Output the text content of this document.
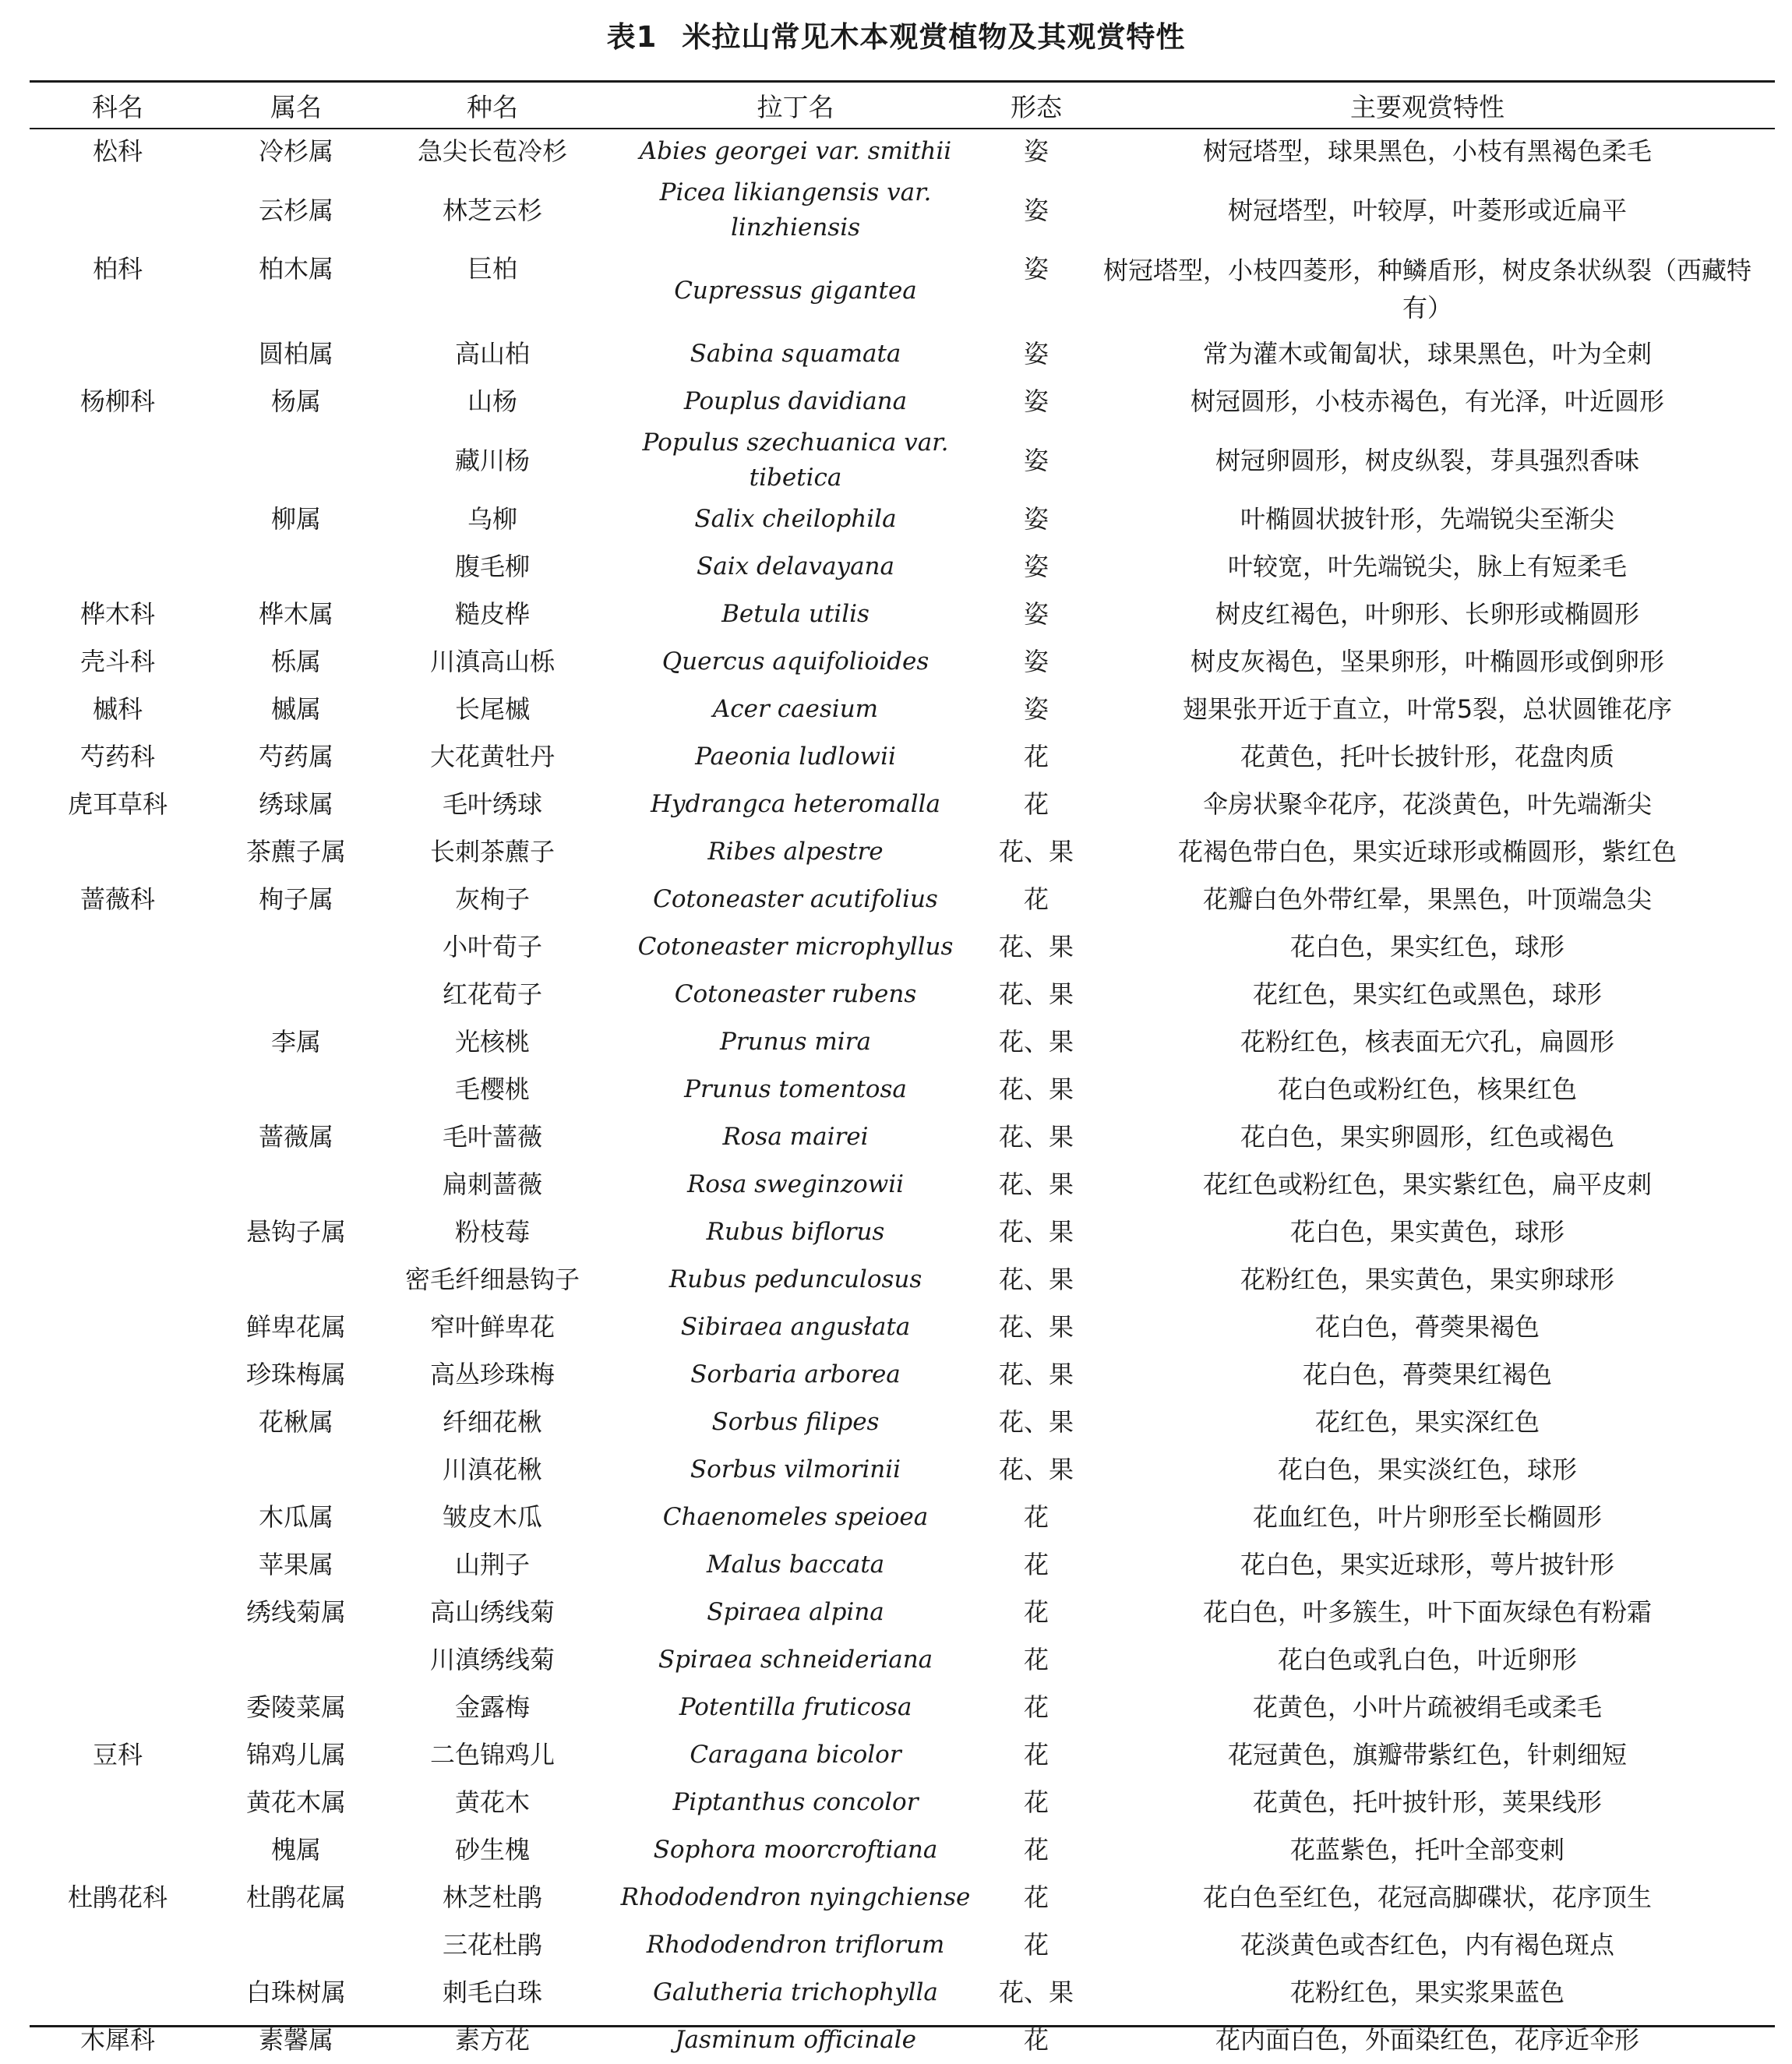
表1 米拉山常见木本观赏植物及其观赏特性
科名	属名	种名	拉丁名	形态	主要观赏特性
松科	冷杉属	急尖长苞冷杉	Abies georgei var. smithii	姿	树冠塔型，球果黑色，小枝有黑褐色柔毛
	云杉属	林芝云杉	Picea likiangensis var. linzhiensis	姿	树冠塔型，叶较厚，叶菱形或近扁平
柏科	柏木属	巨柏	Cupressus gigantea	姿	树冠塔型，小枝四菱形，种鳞盾形，树皮条状纵裂（西藏特有）
	圆柏属	高山柏	Sabina squamata	姿	常为灌木或匍匐状，球果黑色，叶为全刺
杨柳科	杨属	山杨	Pouplus davidiana	姿	树冠圆形，小枝赤褐色，有光泽，叶近圆形
		藏川杨	Populus szechuanica var. tibetica	姿	树冠卵圆形，树皮纵裂，芽具强烈香味
	柳属	乌柳	Salix cheilophila	姿	叶椭圆状披针形，先端锐尖至渐尖
		腹毛柳	Saix delavayana	姿	叶较宽，叶先端锐尖，脉上有短柔毛
桦木科	桦木属	糙皮桦	Betula utilis	姿	树皮红褐色，叶卵形、长卵形或椭圆形
壳斗科	栎属	川滇高山栎	Quercus aquifolioides	姿	树皮灰褐色，坚果卵形，叶椭圆形或倒卵形
槭科	槭属	长尾槭	Acer caesium	姿	翅果张开近于直立，叶常5裂，总状圆锥花序
芍药科	芍药属	大花黄牡丹	Paeonia ludlowii	花	花黄色，托叶长披针形，花盘肉质
虎耳草科	绣球属	毛叶绣球	Hydrangca heteromalla	花	伞房状聚伞花序，花淡黄色，叶先端渐尖
	茶藨子属	长刺茶藨子	Ribes alpestre	花、果	花褐色带白色，果实近球形或椭圆形，紫红色
蔷薇科	栒子属	灰栒子	Cotoneaster acutifolius	花	花瓣白色外带红晕，果黑色，叶顶端急尖
		小叶荀子	Cotoneaster microphyllus	花、果	花白色，果实红色，球形
		红花荀子	Cotoneaster rubens	花、果	花红色，果实红色或黑色，球形
	李属	光核桃	Prunus mira	花、果	花粉红色，核表面无穴孔，扁圆形
		毛樱桃	Prunus tomentosa	花、果	花白色或粉红色，核果红色
	蔷薇属	毛叶蔷薇	Rosa mairei	花、果	花白色，果实卵圆形，红色或褐色
		扁刺蔷薇	Rosa sweginzowii	花、果	花红色或粉红色，果实紫红色，扁平皮刺
	悬钩子属	粉枝莓	Rubus biflorus	花、果	花白色，果实黄色，球形
		密毛纤细悬钩子	Rubus pedunculosus	花、果	花粉红色，果实黄色，果实卵球形
	鲜卑花属	窄叶鲜卑花	Sibiraea angusłata	花、果	花白色，蓇葖果褐色
	珍珠梅属	高丛珍珠梅	Sorbaria arborea	花、果	花白色，蓇葖果红褐色
	花楸属	纤细花楸	Sorbus filipes	花、果	花红色，果实深红色
		川滇花楸	Sorbus vilmorinii	花、果	花白色，果实淡红色，球形
	木瓜属	皱皮木瓜	Chaenomeles speioea	花	花血红色，叶片卵形至长椭圆形
	苹果属	山荆子	Malus baccata	花	花白色，果实近球形，萼片披针形
	绣线菊属	高山绣线菊	Spiraea alpina	花	花白色，叶多簇生，叶下面灰绿色有粉霜
		川滇绣线菊	Spiraea schneideriana	花	花白色或乳白色，叶近卵形
	委陵菜属	金露梅	Potentilla fruticosa	花	花黄色，小叶片疏被绢毛或柔毛
豆科	锦鸡儿属	二色锦鸡儿	Caragana bicolor	花	花冠黄色，旗瓣带紫红色，针刺细短
	黄花木属	黄花木	Piptanthus concolor	花	花黄色，托叶披针形，荚果线形
	槐属	砂生槐	Sophora moorcroftiana	花	花蓝紫色，托叶全部变刺
杜鹃花科	杜鹃花属	林芝杜鹃	Rhododendron nyingchiense	花	花白色至红色，花冠高脚碟状，花序顶生
		三花杜鹃	Rhododendron triflorum	花	花淡黄色或杏红色，内有褐色斑点
	白珠树属	刺毛白珠	Galutheria trichophylla	花、果	花粉红色，果实浆果蓝色
木犀科	素馨属	素方花	Jasminum officinale	花	花内面白色，外面染红色，花序近伞形
